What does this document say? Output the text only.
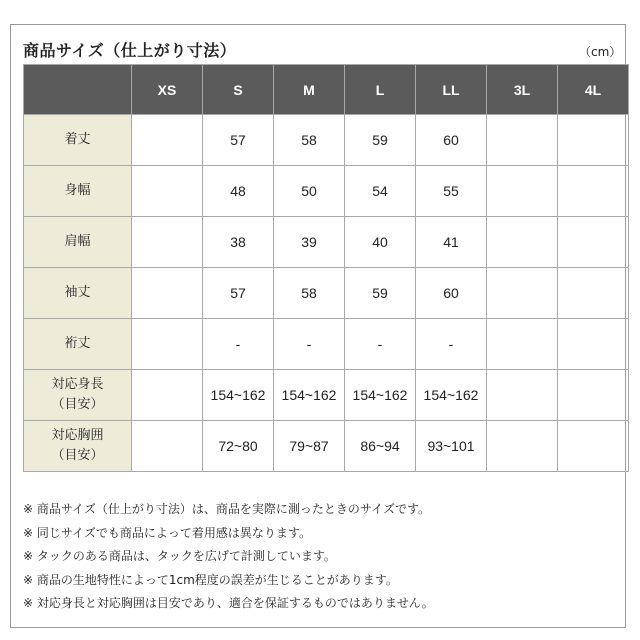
商品サイズ（仕上がり寸法）	（cm）
	XS	S	M	L	LL	3L	4L

着丈		57	58	59	60		

身幅		48	50	54	55		

肩幅		38	39	40	41		

袖丈		57	58	59	60		

裄丈		-	-	-	-		

対応身長
（目安）		154~162	154~162	154~162	154~162		

対応胸囲
（目安）		72~80	79~87	86~94	93~101		
※ 商品サイズ（仕上がり寸法）は、商品を実際に測ったときのサイズです。
※ 同じサイズでも商品によって着用感は異なります。
※ タックのある商品は、タックを広げて計測しています。
※ 商品の生地特性によって1cm程度の誤差が生じることがあります。
※ 対応身長と対応胸囲は目安であり、適合を保証するものではありません。
